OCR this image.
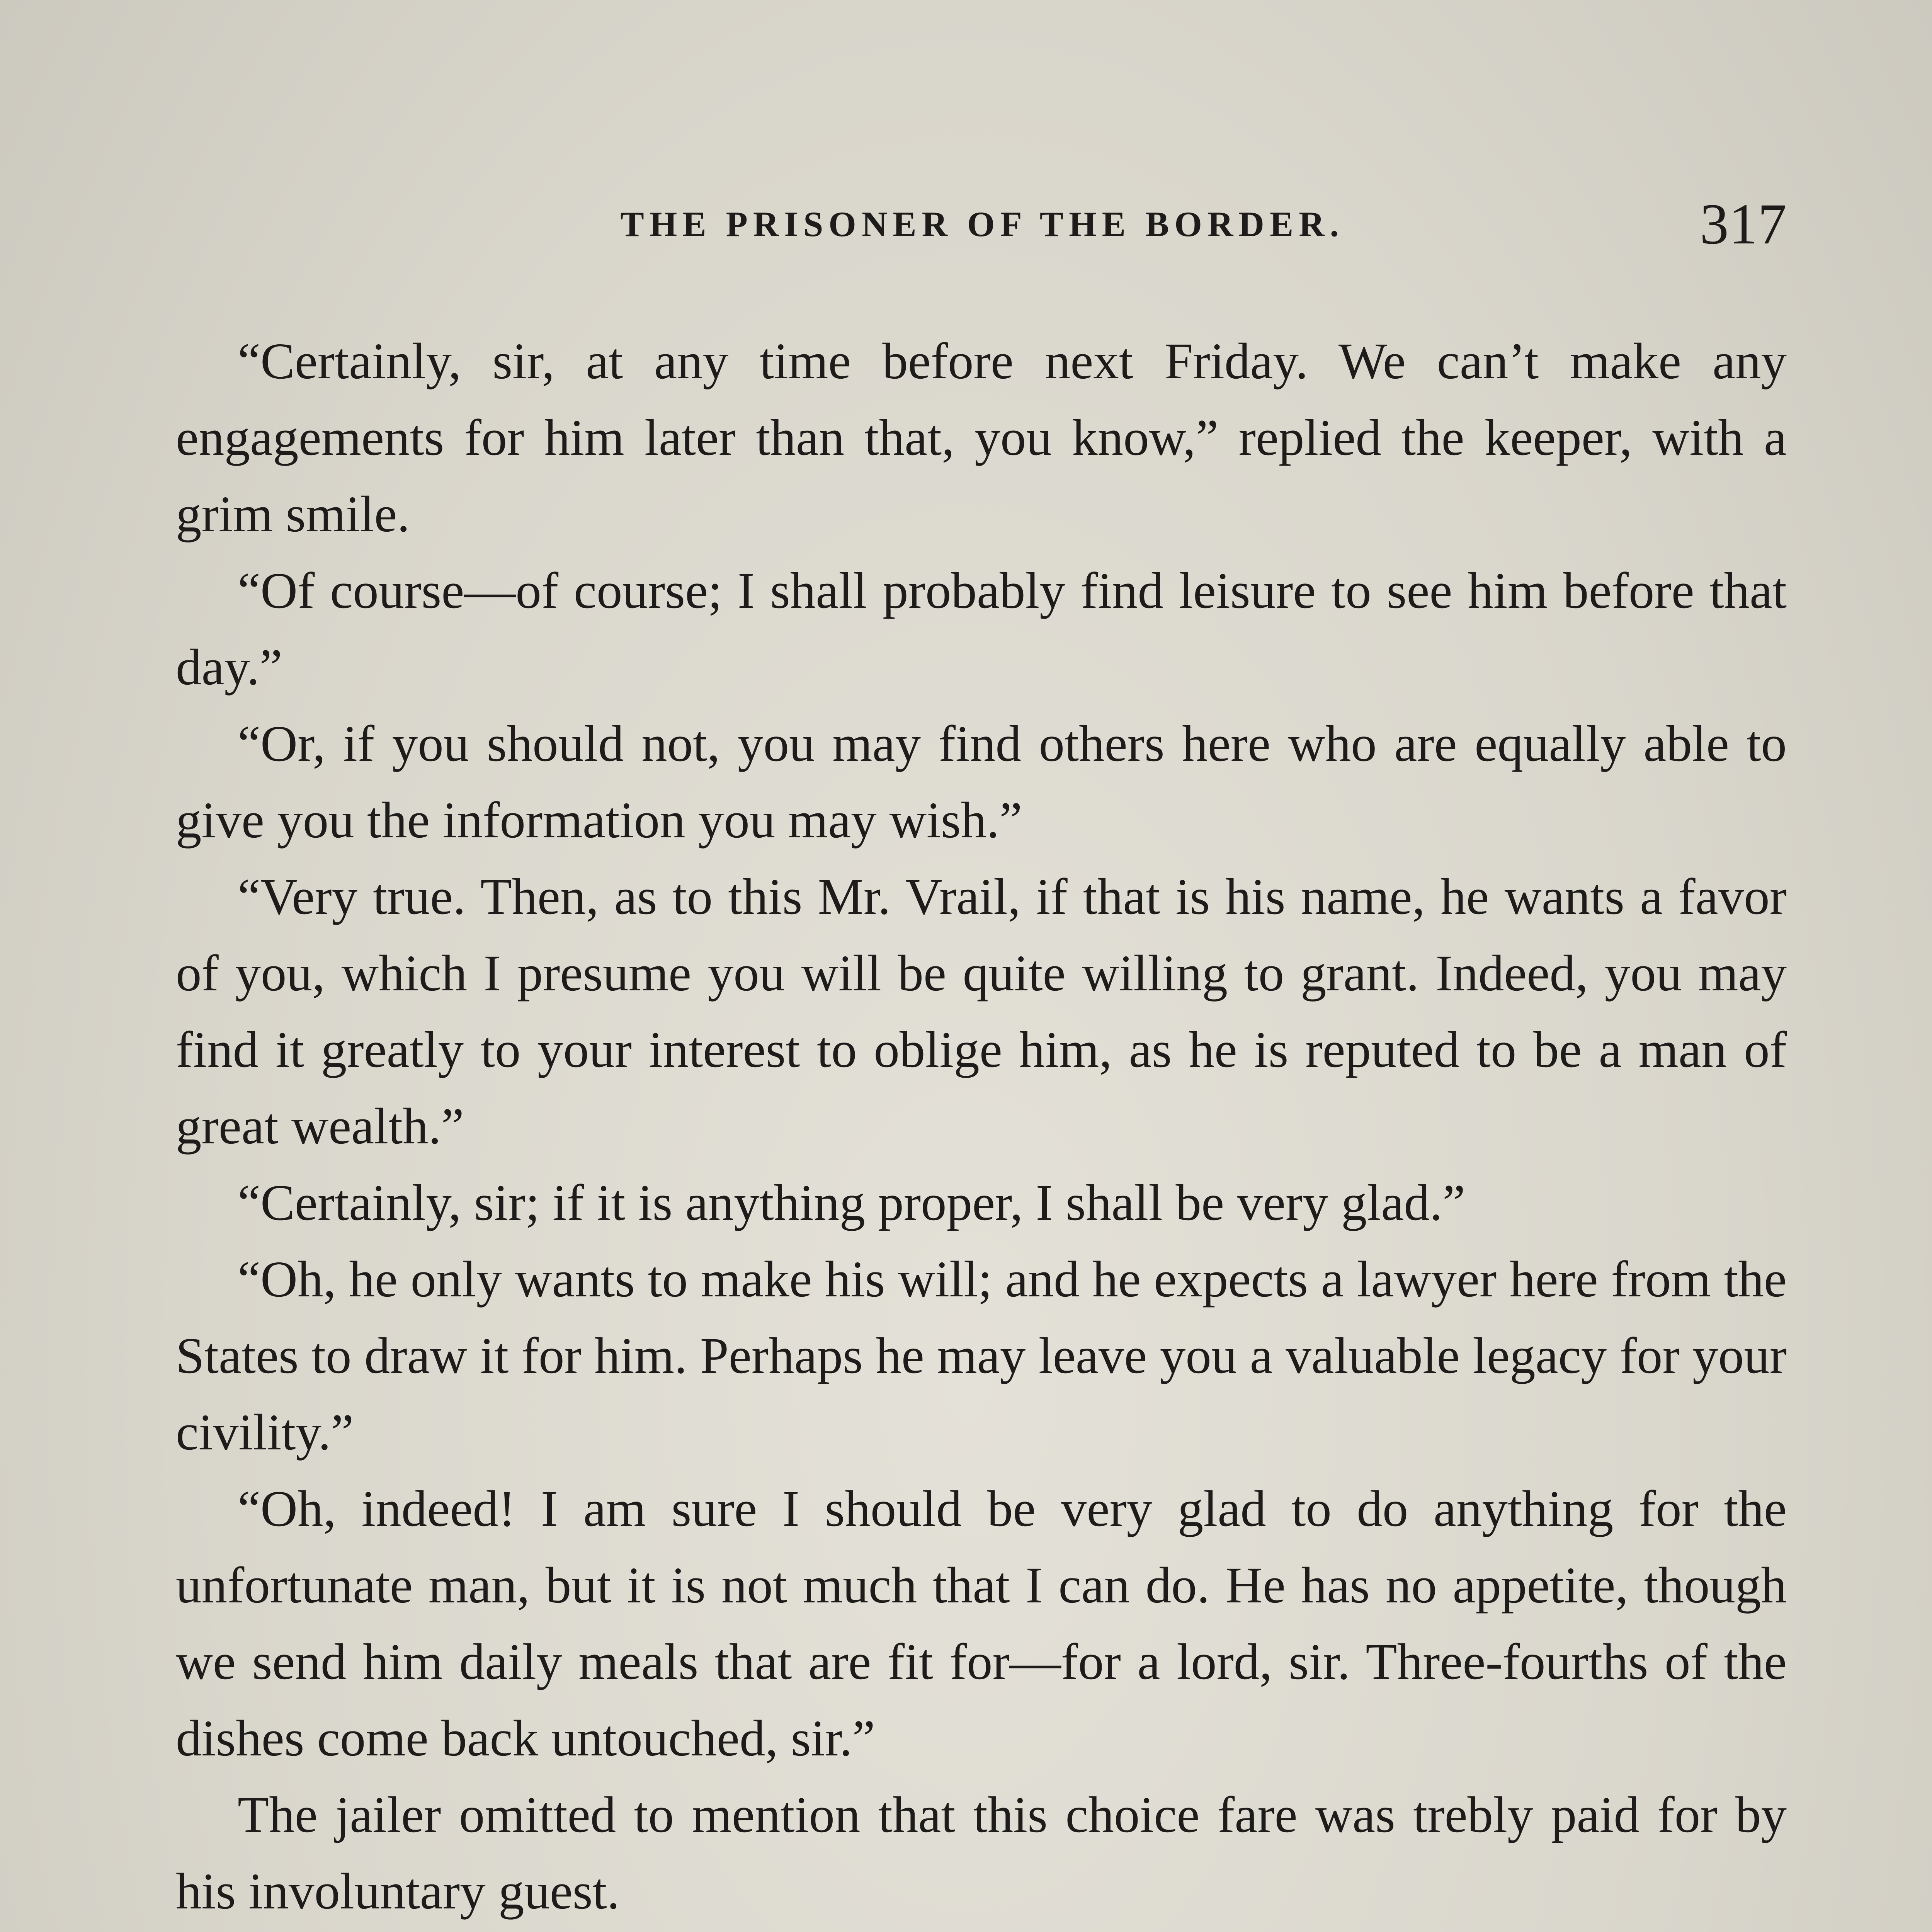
THE PRISONER OF THE BORDER.	317

“Certainly, sir, at any time before next Friday. We can’t make any engagements for him later than that, you know,” replied the keeper, with a grim smile.

“Of course—of course; I shall probably find leisure to see him before that day.”

“Or, if you should not, you may find others here who are equally able to give you the information you may wish.”

“Very true. Then, as to this Mr. Vrail, if that is his name, he wants a favor of you, which I presume you will be quite willing to grant. Indeed, you may find it greatly to your interest to oblige him, as he is reputed to be a man of great wealth.”

“Certainly, sir; if it is anything proper, I shall be very glad.”

“Oh, he only wants to make his will; and he expects a lawyer here from the States to draw it for him. Perhaps he may leave you a valuable legacy for your civility.”

“Oh, indeed! I am sure I should be very glad to do anything for the unfortunate man, but it is not much that I can do. He has no appetite, though we send him daily meals that are fit for—for a lord, sir. Three-fourths of the dishes come back untouched, sir.”

The jailer omitted to mention that this choice fare was trebly paid for by his involuntary guest.
